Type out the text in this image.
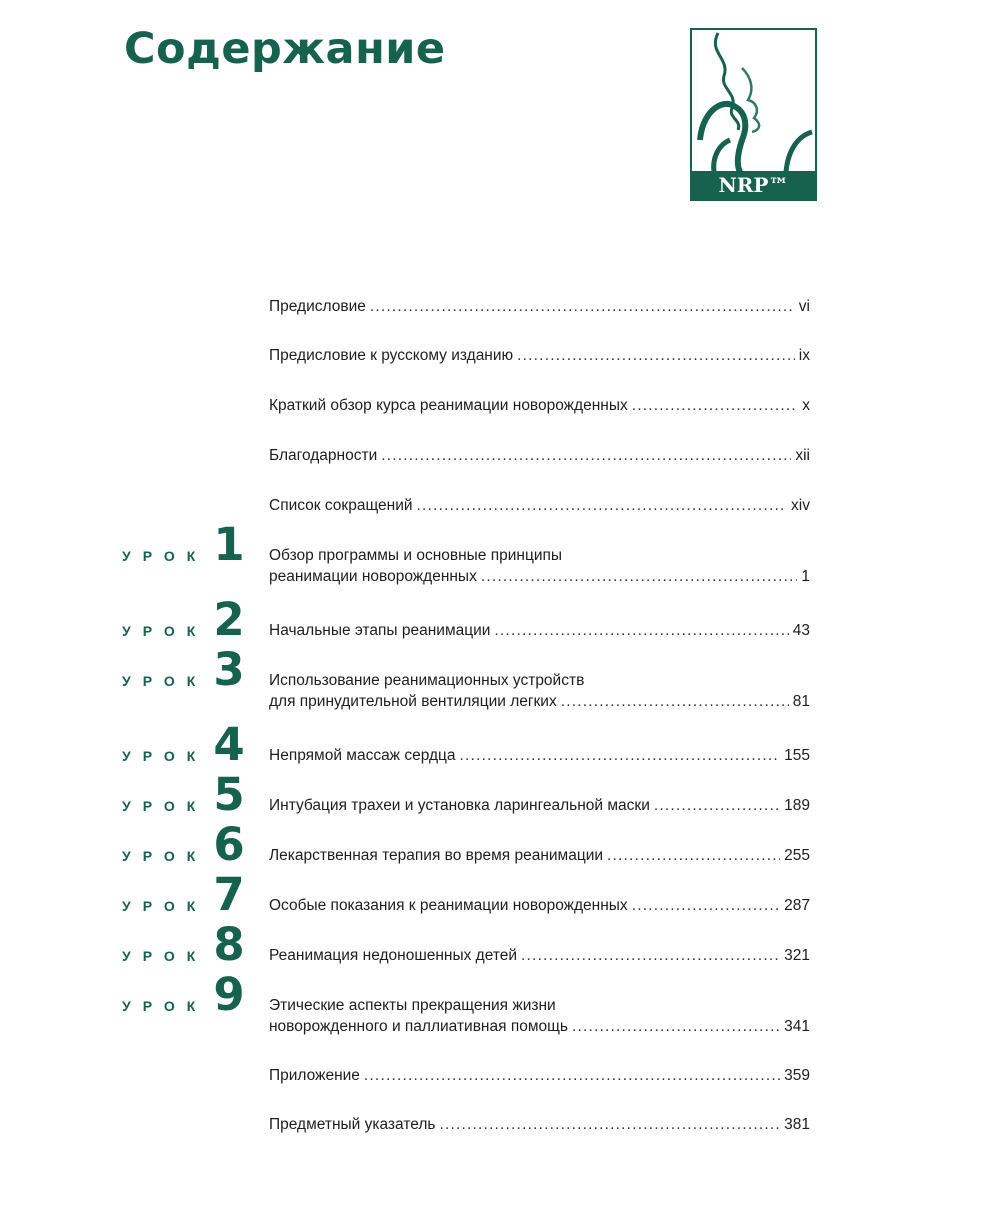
Содержание
NRP™
Предисловие .....	vi
Предисловие к русскому изданию .....	ix
Краткий обзор курса реанимации новорожденных .....	x
Благодарности .....	xii
Список сокращений .....	xiv
УРОК 1 Обзор программы и основные принципы
реанимации новорожденных .....	1
УРОК 2 Начальные этапы реанимации .....	43
УРОК 3 Использование реанимационных устройств
для принудительной вентиляции легких .....	81
УРОК 4 Непрямой массаж сердца .....	155
УРОК 5 Интубация трахеи и установка ларингеальной маски .....	189
УРОК 6 Лекарственная терапия во время реанимации .....	255
УРОК 7 Особые показания к реанимации новорожденных .....	287
УРОК 8 Реанимация недоношенных детей .....	321
УРОК 9 Этические аспекты прекращения жизни
новорожденного и паллиативная помощь .....	341
Приложение .....	359
Предметный указатель .....	381
